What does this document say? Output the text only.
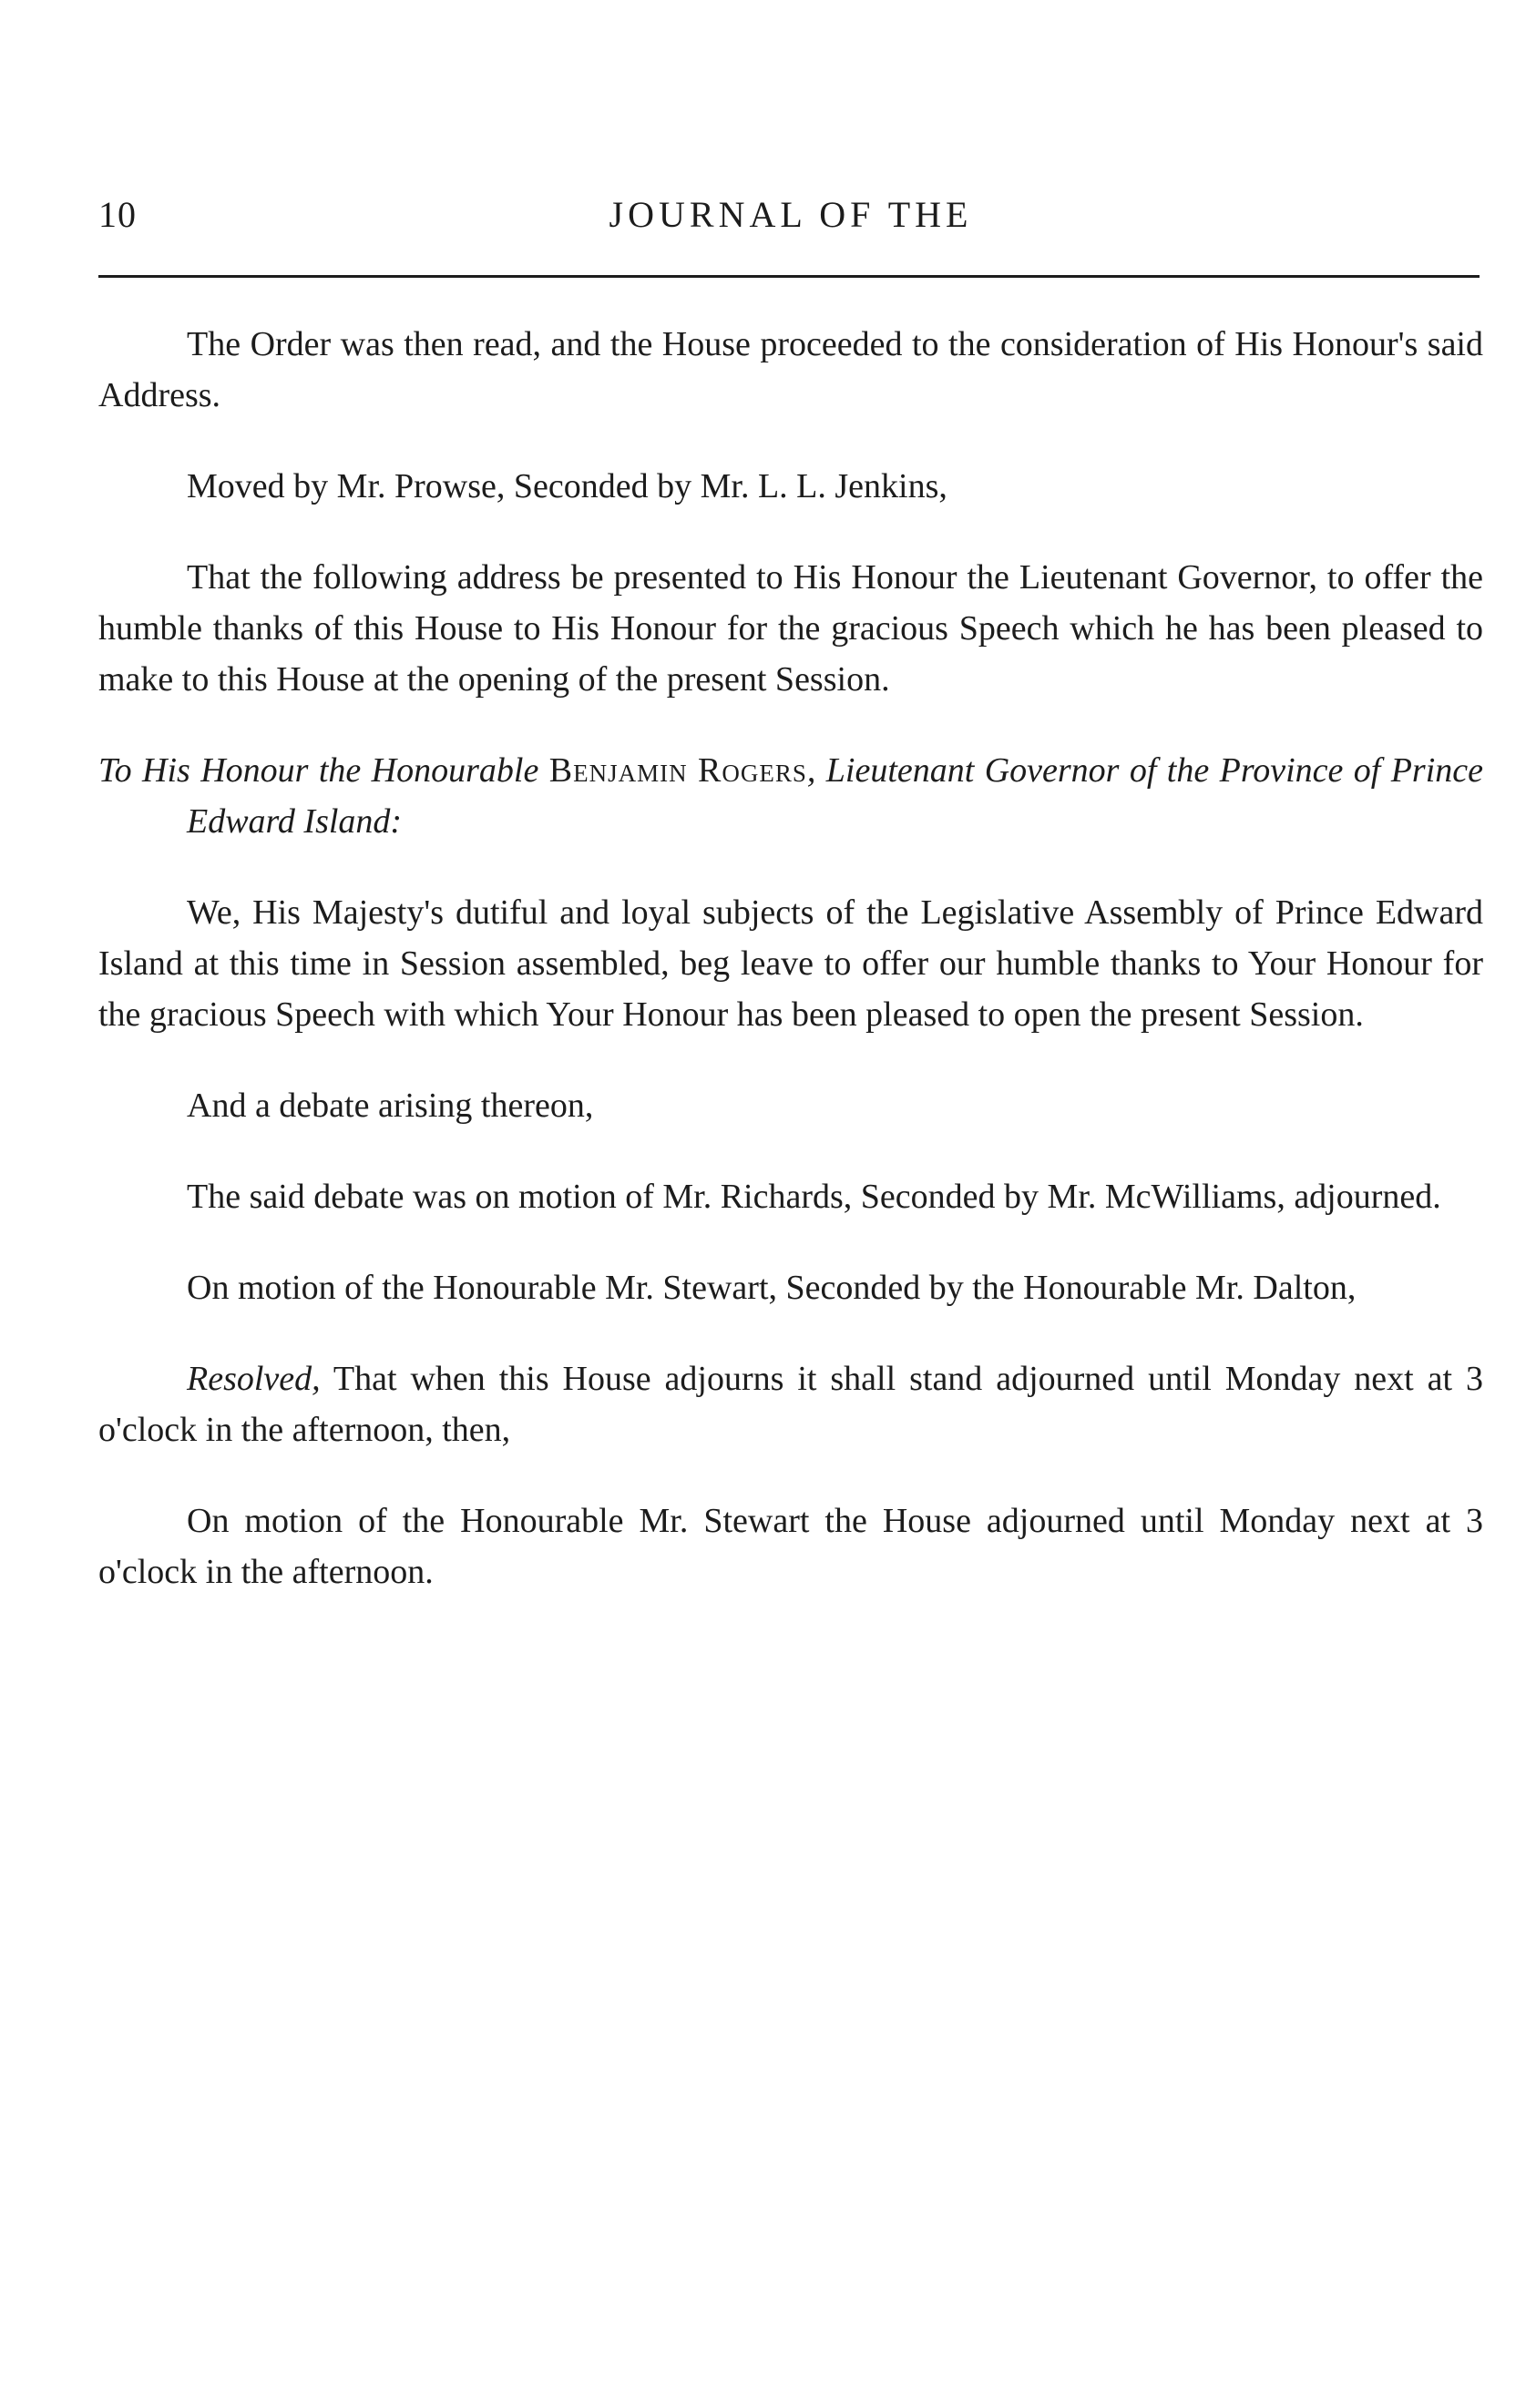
10	JOURNAL OF THE

The Order was then read, and the House proceeded to the consideration of His Honour's said Address.

Moved by Mr. Prowse, Seconded by Mr. L. L. Jenkins,

That the following address be presented to His Honour the Lieutenant Governor, to offer the humble thanks of this House to His Honour for the gracious Speech which he has been pleased to make to this House at the opening of the present Session.

To His Honour the Honourable Benjamin Rogers, Lieutenant Governor of the Province of Prince Edward Island:

We, His Majesty's dutiful and loyal subjects of the Legislative Assembly of Prince Edward Island at this time in Session assembled, beg leave to offer our humble thanks to Your Honour for the gracious Speech with which Your Honour has been pleased to open the present Session.

And a debate arising thereon,

The said debate was on motion of Mr. Richards, Seconded by Mr. McWilliams, adjourned.

On motion of the Honourable Mr. Stewart, Seconded by the Honourable Mr. Dalton,

Resolved, That when this House adjourns it shall stand adjourned until Monday next at 3 o'clock in the afternoon, then,

On motion of the Honourable Mr. Stewart the House adjourned until Monday next at 3 o'clock in the afternoon.
